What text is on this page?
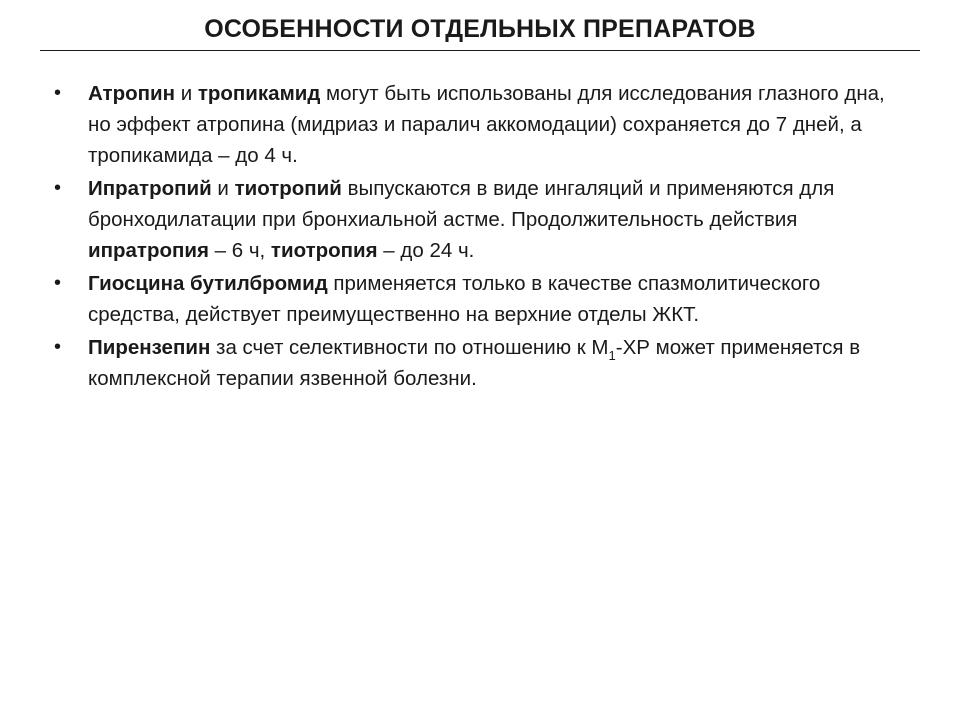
ОСОБЕННОСТИ ОТДЕЛЬНЫХ ПРЕПАРАТОВ
• Атропин и тропикамид могут быть использованы для исследования глазного дна, но эффект атропина (мидриаз и паралич аккомодации) сохраняется до 7 дней, а тропикамида – до 4 ч.
• Ипратропий и тиотропий выпускаются в виде ингаляций и применяются для бронходилатации при бронхиальной астме. Продолжительность действия ипратропия – 6 ч, тиотропия – до 24 ч.
• Гиосцина бутилбромид применяется только в качестве спазмолитического средства, действует преимущественно на верхние отделы ЖКТ.
• Пирензепин за счет селективности по отношению к $М_1-ХР$ может применяется в комплексной терапии язвенной болезни.
